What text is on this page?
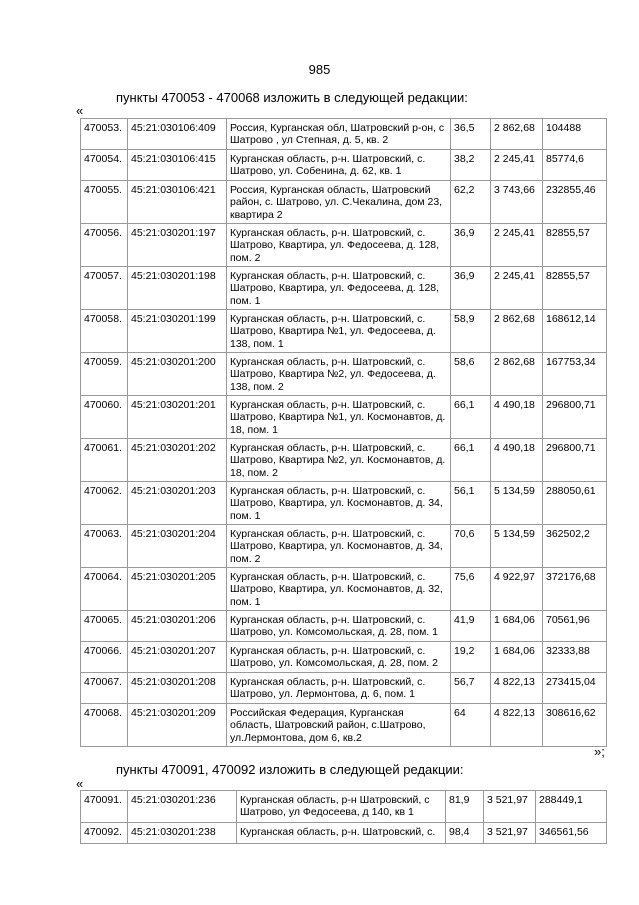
985
пункты 470053 - 470068 изложить в следующей редакции:
«
470053.	45:21:030106:409	Россия, Курганская обл, Шатровский р-он, с Шатрово , ул Степная, д. 5, кв. 2	36,5	2 862,68	104488
470054.	45:21:030106:415	Курганская область, р-н. Шатровский, с. Шатрово, ул. Собенина, д. 62, кв. 1	38,2	2 245,41	85774,6
470055.	45:21:030106:421	Россия, Курганская область, Шатровский район, с. Шатрово, ул. С.Чекалина, дом 23, квартира 2	62,2	3 743,66	232855,46
470056.	45:21:030201:197	Курганская область, р-н. Шатровский, с. Шатрово, Квартира, ул. Федосеева, д. 128, пом. 2	36,9	2 245,41	82855,57
470057.	45:21:030201:198	Курганская область, р-н. Шатровский, с. Шатрово, Квартира, ул. Федосеева, д. 128, пом. 1	36,9	2 245,41	82855,57
470058.	45:21:030201:199	Курганская область, р-н. Шатровский, с. Шатрово, Квартира №1, ул. Федосеева, д. 138, пом. 1	58,9	2 862,68	168612,14
470059.	45:21:030201:200	Курганская область, р-н. Шатровский, с. Шатрово, Квартира №2, ул. Федосеева, д. 138, пом. 2	58,6	2 862,68	167753,34
470060.	45:21:030201:201	Курганская область, р-н. Шатровский, с. Шатрово, Квартира №1, ул. Космонавтов, д. 18, пом. 1	66,1	4 490,18	296800,71
470061.	45:21:030201:202	Курганская область, р-н. Шатровский, с. Шатрово, Квартира №2, ул. Космонавтов, д. 18, пом. 2	66,1	4 490,18	296800,71
470062.	45:21:030201:203	Курганская область, р-н. Шатровский, с. Шатрово, Квартира, ул. Космонавтов, д. 34, пом. 1	56,1	5 134,59	288050,61
470063.	45:21:030201:204	Курганская область, р-н. Шатровский, с. Шатрово, Квартира, ул. Космонавтов, д. 34, пом. 2	70,6	5 134,59	362502,2
470064.	45:21:030201:205	Курганская область, р-н. Шатровский, с. Шатрово, Квартира, ул. Космонавтов, д. 32, пом. 1	75,6	4 922,97	372176,68
470065.	45:21:030201:206	Курганская область, р-н. Шатровский, с. Шатрово, ул. Комсомольская, д. 28, пом. 1	41,9	1 684,06	70561,96
470066.	45:21:030201:207	Курганская область, р-н. Шатровский, с. Шатрово, ул. Комсомольская, д. 28, пом. 2	19,2	1 684,06	32333,88
470067.	45:21:030201:208	Курганская область, р-н. Шатровский, с. Шатрово, ул. Лермонтова, д. 6, пом. 1	56,7	4 822,13	273415,04
470068.	45:21:030201:209	Российская Федерация, Курганская область, Шатровский район, с.Шатрово, ул.Лермонтова, дом 6, кв.2	64	4 822,13	308616,62
»;
пункты 470091, 470092 изложить в следующей редакции:
«
470091.	45:21:030201:236	Курганская область, р-н Шатровский, с Шатрово, ул Федосеева, д 140, кв 1	81,9	3 521,97	288449,1
470092.	45:21:030201:238	Курганская область, р-н. Шатровский, с.	98,4	3 521,97	346561,56
